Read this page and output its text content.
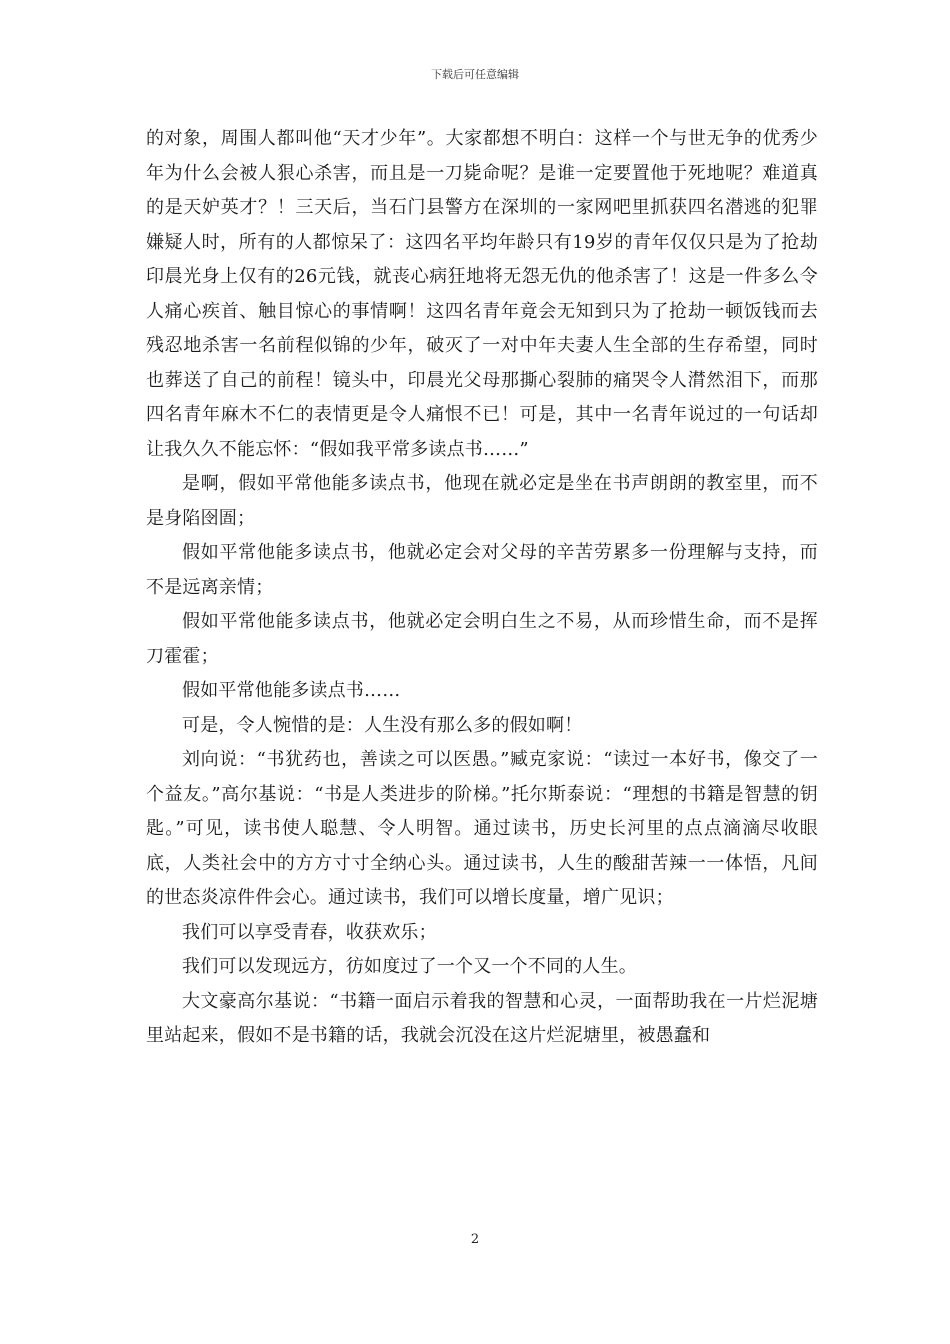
下载后可任意编辑

的对象，周围人都叫他“天才少年”。大家都想不明白：这样一个与世无争的优秀少年为什么会被人狠心杀害，而且是一刀毙命呢？是谁一定要置他于死地呢？难道真的是天妒英才？！三天后，当石门县警方在深圳的一家网吧里抓获四名潜逃的犯罪嫌疑人时，所有的人都惊呆了：这四名平均年龄只有19岁的青年仅仅只是为了抢劫印晨光身上仅有的26元钱，就丧心病狂地将无怨无仇的他杀害了！这是一件多么令人痛心疾首、触目惊心的事情啊！这四名青年竟会无知到只为了抢劫一顿饭钱而去残忍地杀害一名前程似锦的少年，破灭了一对中年夫妻人生全部的生存希望，同时也葬送了自己的前程！镜头中，印晨光父母那撕心裂肺的痛哭令人潸然泪下，而那四名青年麻木不仁的表情更是令人痛恨不已！可是，其中一名青年说过的一句话却让我久久不能忘怀：“假如我平常多读点书……”

是啊，假如平常他能多读点书，他现在就必定是坐在书声朗朗的教室里，而不是身陷囹圄；

假如平常他能多读点书，他就必定会对父母的辛苦劳累多一份理解与支持，而不是远离亲情；

假如平常他能多读点书，他就必定会明白生之不易，从而珍惜生命，而不是挥刀霍霍；

假如平常他能多读点书……

可是，令人惋惜的是：人生没有那么多的假如啊！

刘向说：“书犹药也，善读之可以医愚。”臧克家说：“读过一本好书，像交了一个益友。”高尔基说：“书是人类进步的阶梯。”托尔斯泰说：“理想的书籍是智慧的钥匙。”可见，读书使人聪慧、令人明智。通过读书，历史长河里的点点滴滴尽收眼底，人类社会中的方方寸寸全纳心头。通过读书，人生的酸甜苦辣一一体悟，凡间的世态炎凉件件会心。通过读书，我们可以增长度量，增广见识；

我们可以享受青春，收获欢乐；

我们可以发现远方，彷如度过了一个又一个不同的人生。

大文豪高尔基说：“书籍一面启示着我的智慧和心灵，一面帮助我在一片烂泥塘里站起来，假如不是书籍的话，我就会沉没在这片烂泥塘里，被愚蠢和

2
